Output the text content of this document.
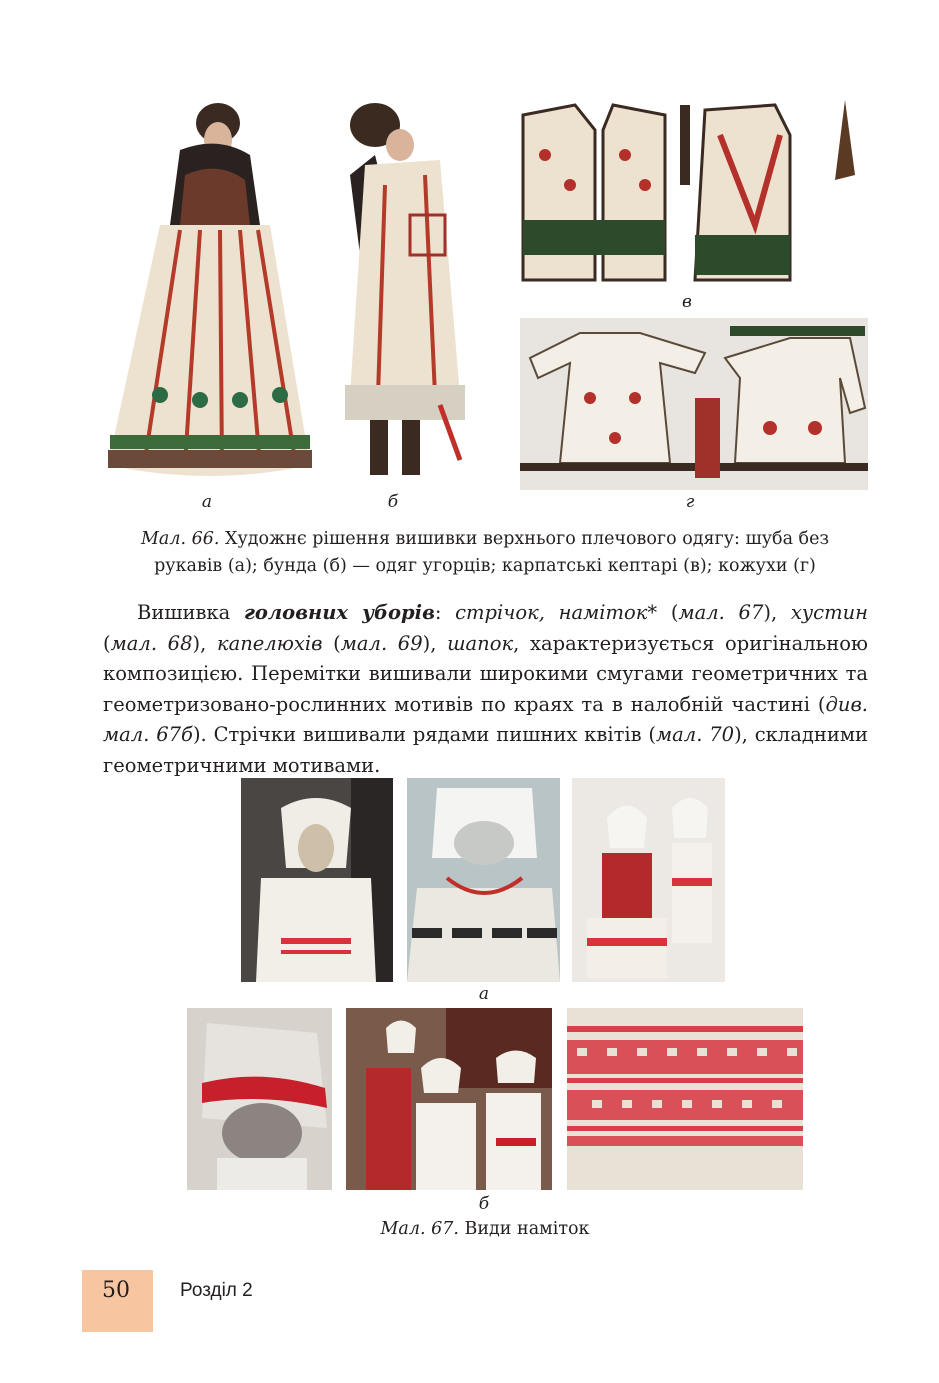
а	б
в
г
Мал. 66. Художнє рішення вишивки верхнього плечового одягу: шуба без
рукавів (а); бунда (б) — одяг угорців; карпатські кептарі (в); кожухи (г)
Вишивка головних уборів: стрічок, наміток* (мал. 67), хустин (мал. 68), капелюхів (мал. 69), шапок, характеризується оригінальною композицією. Перемітки вишивали широкими смугами геометричних та геометризовано-рослинних мотивів по краях та в налобній частині (див. мал. 67б). Стрічки вишивали рядами пишних квітів (мал. 70), складними геометричними мотивами.
а
б
Мал. 67. Види наміток
50	Розділ 2
